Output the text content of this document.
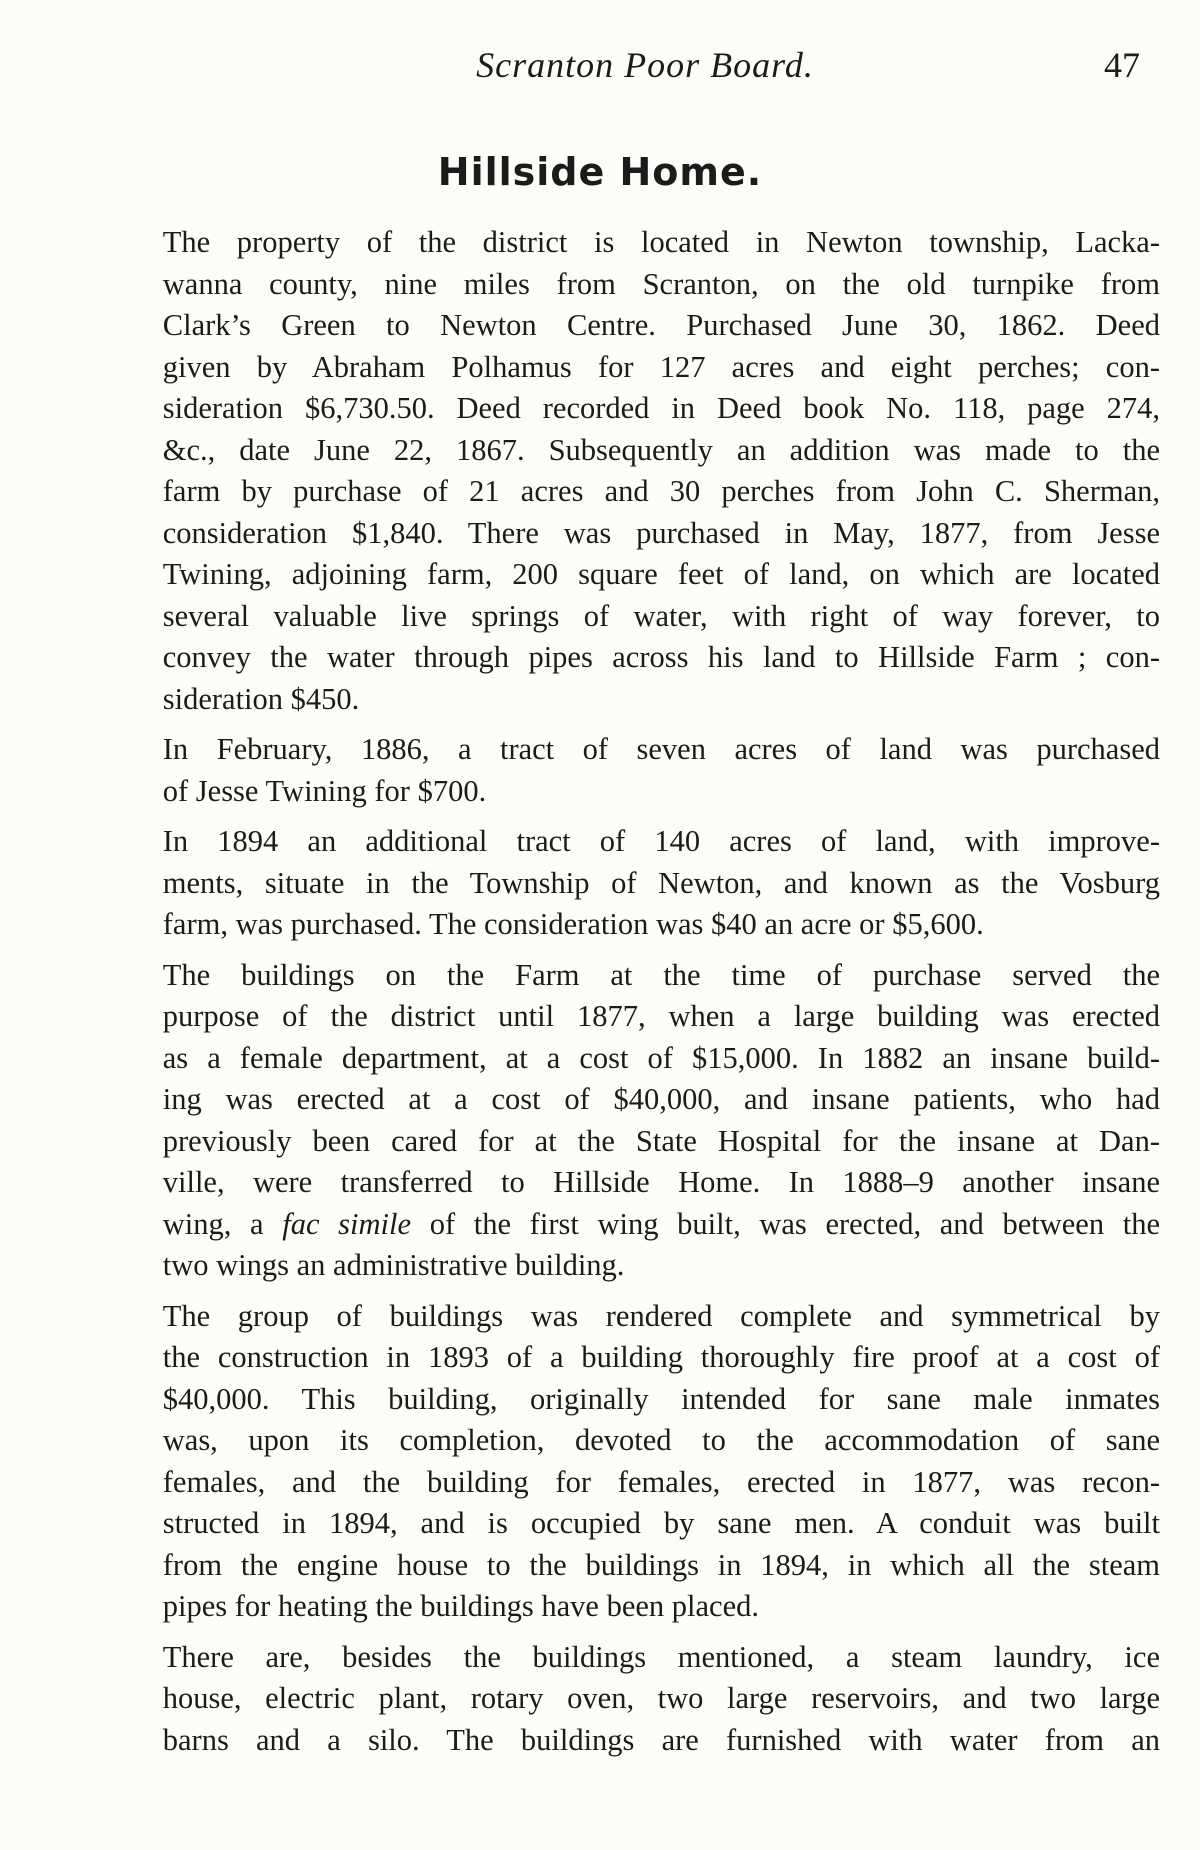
Scranton Poor Board.	47
Hillside Home.

The property of the district is located in Newton township, Lacka-
wanna county, nine miles from Scranton, on the old turnpike from
Clark’s Green to Newton Centre. Purchased June 30, 1862. Deed
given by Abraham Polhamus for 127 acres and eight perches; con-
sideration $6,730.50. Deed recorded in Deed book No. 118, page 274,
&c., date June 22, 1867. Subsequently an addition was made to the
farm by purchase of 21 acres and 30 perches from John C. Sherman,
consideration $1,840. There was purchased in May, 1877, from Jesse
Twining, adjoining farm, 200 square feet of land, on which are located
several valuable live springs of water, with right of way forever, to
convey the water through pipes across his land to Hillside Farm ; con-
sideration $450.

In February, 1886, a tract of seven acres of land was purchased
of Jesse Twining for $700.

In 1894 an additional tract of 140 acres of land, with improve-
ments, situate in the Township of Newton, and known as the Vosburg
farm, was purchased. The consideration was $40 an acre or $5,600.

The buildings on the Farm at the time of purchase served the
purpose of the district until 1877, when a large building was erected
as a female department, at a cost of $15,000. In 1882 an insane build-
ing was erected at a cost of $40,000, and insane patients, who had
previously been cared for at the State Hospital for the insane at Dan-
ville, were transferred to Hillside Home. In 1888–9 another insane
wing, a fac simile of the first wing built, was erected, and between the
two wings an administrative building.

The group of buildings was rendered complete and symmetrical by
the construction in 1893 of a building thoroughly fire proof at a cost of
$40,000. This building, originally intended for sane male inmates
was, upon its completion, devoted to the accommodation of sane
females, and the building for females, erected in 1877, was recon-
structed in 1894, and is occupied by sane men. A conduit was built
from the engine house to the buildings in 1894, in which all the steam
pipes for heating the buildings have been placed.

There are, besides the buildings mentioned, a steam laundry, ice
house, electric plant, rotary oven, two large reservoirs, and two large
barns and a silo. The buildings are furnished with water from an
